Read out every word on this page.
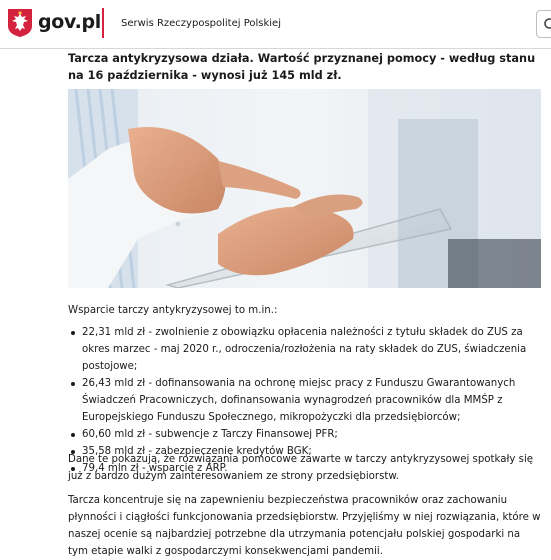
gov.pl Serwis Rzeczypospolitej Polskiej

Tarcza antykryzysowa działa. Wartość przyznanej pomocy - według stanu na 16 października - wynosi już 145 mld zł.

Wsparcie tarczy antykryzysowej to m.in.:

22,31 mld zł - zwolnienie z obowiązku opłacenia należności z tytułu składek do ZUS za okres marzec - maj 2020 r., odroczenia/rozłożenia na raty składek do ZUS, świadczenia postojowe;
26,43 mld zł - dofinansowania na ochronę miejsc pracy z Funduszu Gwarantowanych Świadczeń Pracowniczych, dofinansowania wynagrodzeń pracowników dla MMŚP z Europejskiego Funduszu Społecznego, mikropożyczki dla przedsiębiorców;
60,60 mld zł - subwencje z Tarczy Finansowej PFR;
35,58 mld zł - zabezpieczenie kredytów BGK;
79,4 mln zł - wsparcie z ARP.

Dane te pokazują, że rozwiązania pomocowe zawarte w tarczy antykryzysowej spotkały się już z bardzo dużym zainteresowaniem ze strony przedsiębiorstw.

Tarcza koncentruje się na zapewnieniu bezpieczeństwa pracowników oraz zachowaniu płynności i ciągłości funkcjonowania przedsiębiorstw. Przyjęliśmy w niej rozwiązania, które w naszej ocenie są najbardziej potrzebne dla utrzymania potencjału polskiej gospodarki na tym etapie walki z gospodarczymi konsekwencjami pandemii.
